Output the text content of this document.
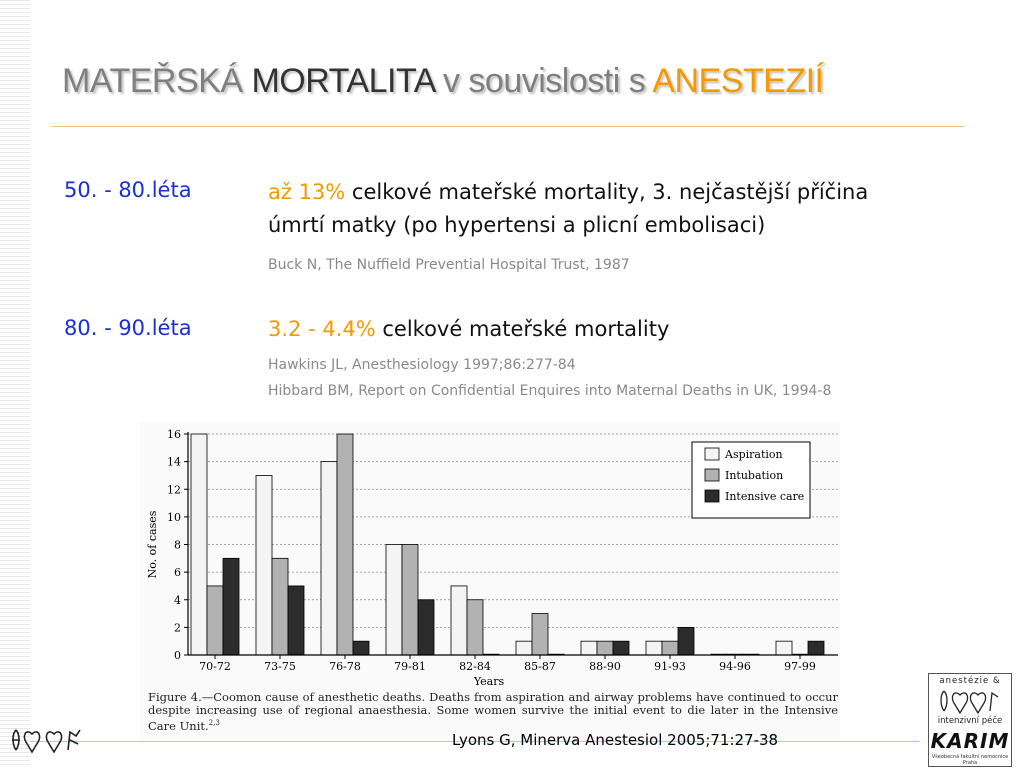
MATEŘSKÁ MORTALITA v souvislosti s ANESTEZIÍ
50. - 80.léta	až 13% celkové mateřské mortality, 3. nejčastější příčina
úmrtí matky (po hypertensi a plicní embolisaci)
Buck N, The Nuffield Prevential Hospital Trust, 1987
80. - 90.léta	3.2 - 4.4% celkové mateřské mortality
Hawkins JL, Anesthesiology 1997;86:277-84
Hibbard BM, Report on Confidential Enquires into Maternal Deaths in UK, 1994-8
0
2
4
6
8
10
12
14
16
70-72	73-75	76-78	79-81	82-84	85-87	88-90	91-93	94-96	97-99
Years
No. of cases
Aspiration
Intubation
Intensive care
Figure 4.—Coomon cause of anesthetic deaths. Deaths from aspiration and airway problems have continued to occur despite increasing use of regional anaesthesia. Some women survive the initial event to die later in the Intensive Care Unit.$^{2,3}$
Lyons G, Minerva Anestesiol 2005;71:27-38
anestézie &
intenzivní péče
KARIM
Všeobecná fakultní nemocnice Praha
